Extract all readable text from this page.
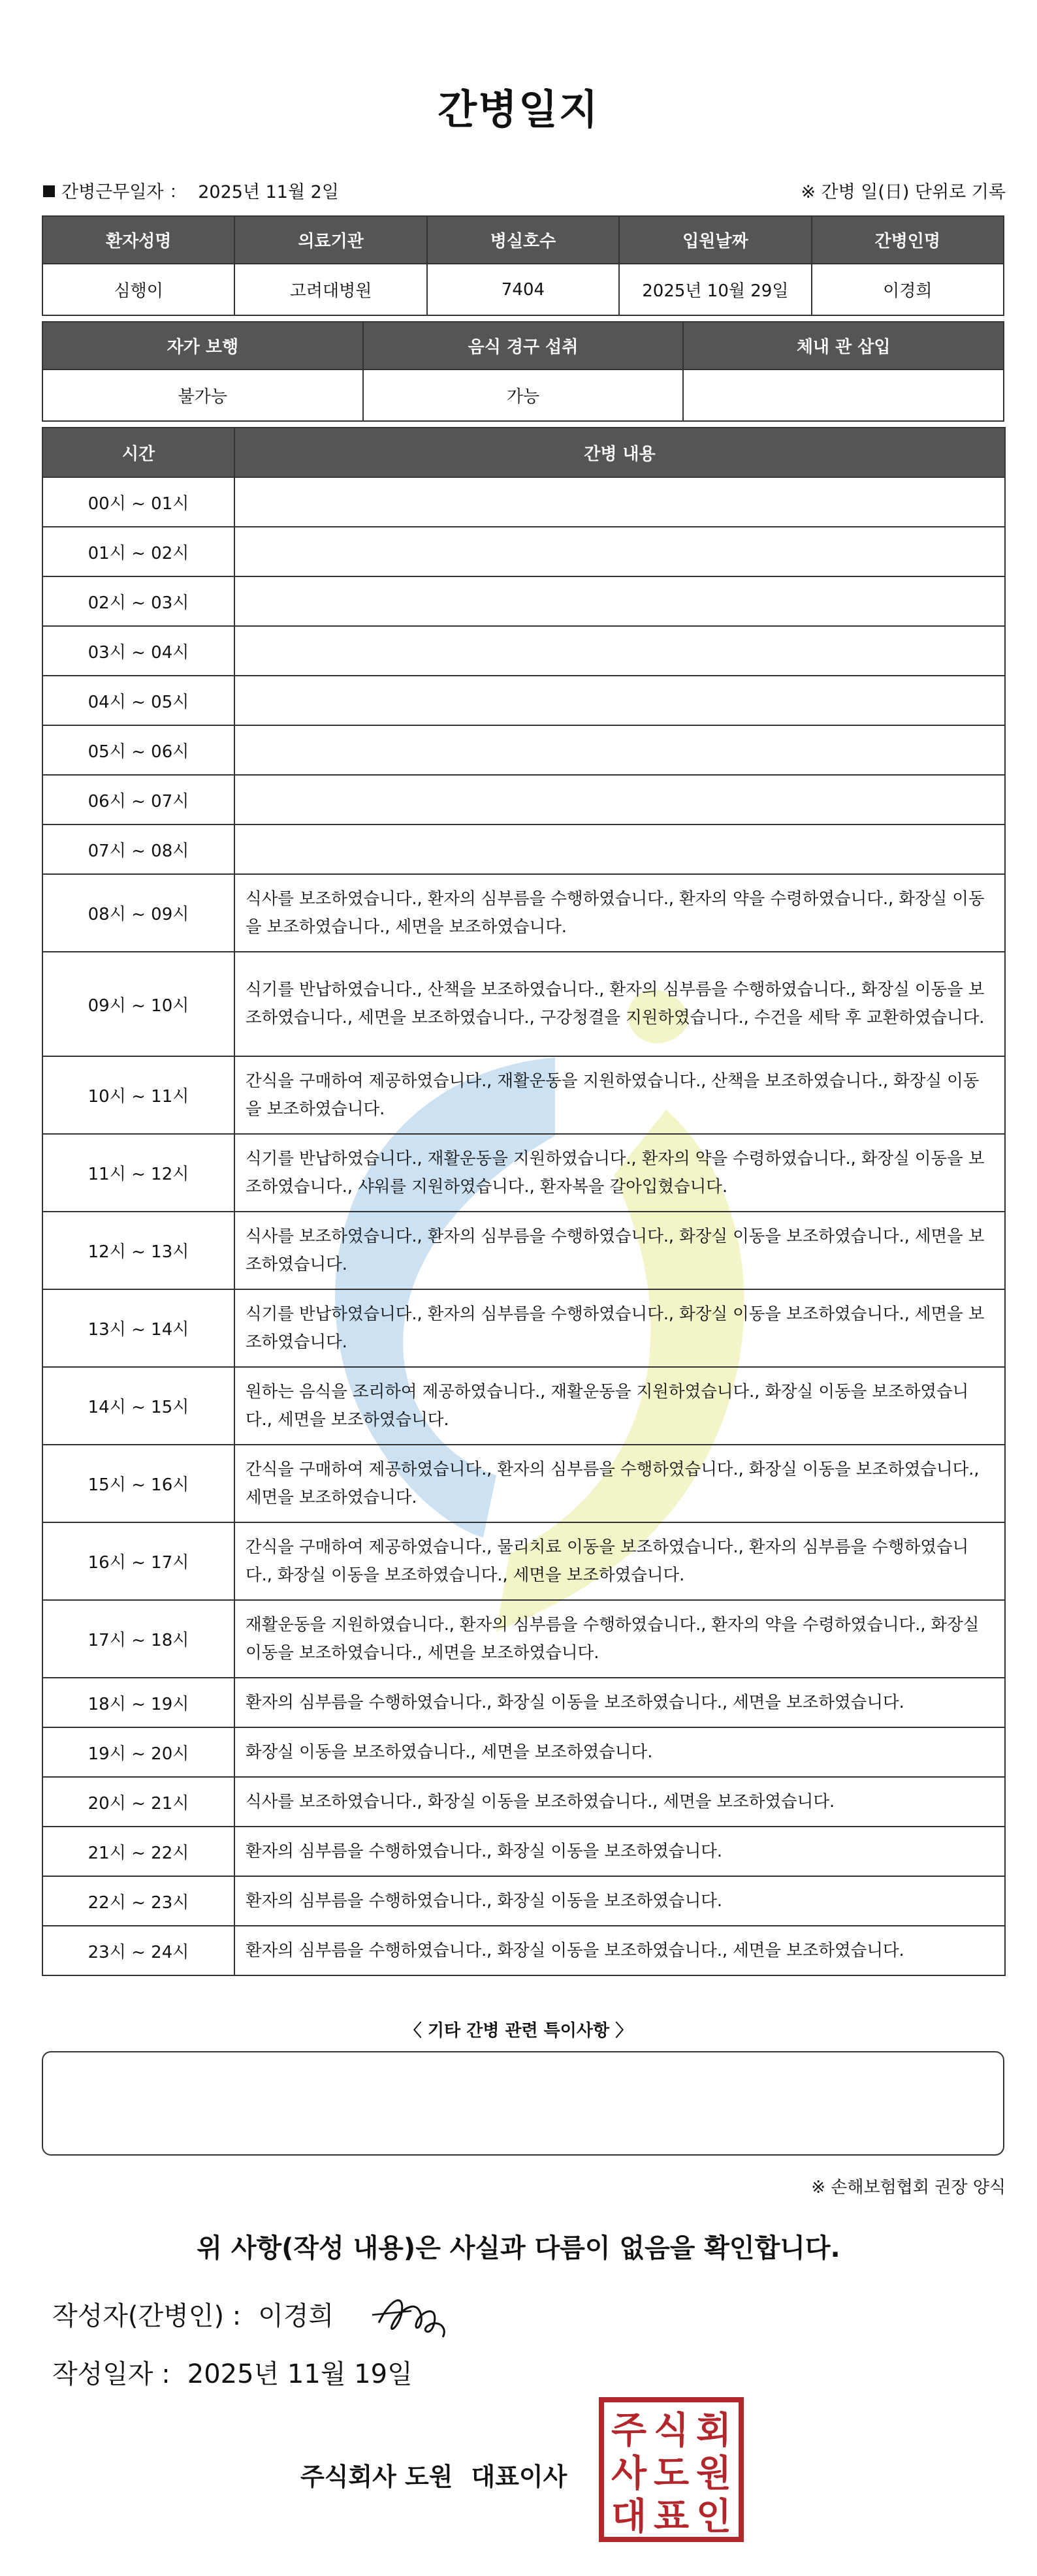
간병일지
간병근무일자 ： 2025년 11월 2일	※ 간병 일(日) 단위로 기록
환자성명	의료기관	병실호수	입원날짜	간병인명
심행이	고려대병원	7404	2025년 10월 29일	이경희
자가 보행	음식 경구 섭취	체내 관 삽입
불가능	가능	
시간	간병 내용
00시 ~ 01시	
01시 ~ 02시	
02시 ~ 03시	
03시 ~ 04시	
04시 ~ 05시	
05시 ~ 06시	
06시 ~ 07시	
07시 ~ 08시	
08시 ~ 09시	식사를 보조하였습니다., 환자의 심부름을 수행하였습니다., 환자의 약을 수령하였습니다., 화장실 이동을 보조하였습니다., 세면을 보조하였습니다.
09시 ~ 10시	식기를 반납하였습니다., 산책을 보조하였습니다., 환자의 심부름을 수행하였습니다., 화장실 이동을 보조하였습니다., 세면을 보조하였습니다., 구강청결을 지원하였습니다., 수건을 세탁 후 교환하였습니다.
10시 ~ 11시	간식을 구매하여 제공하였습니다., 재활운동을 지원하였습니다., 산책을 보조하였습니다., 화장실 이동을 보조하였습니다.
11시 ~ 12시	식기를 반납하였습니다., 재활운동을 지원하였습니다., 환자의 약을 수령하였습니다., 화장실 이동을 보조하였습니다., 샤워를 지원하였습니다., 환자복을 갈아입혔습니다.
12시 ~ 13시	식사를 보조하였습니다., 환자의 심부름을 수행하였습니다., 화장실 이동을 보조하였습니다., 세면을 보조하였습니다.
13시 ~ 14시	식기를 반납하였습니다., 환자의 심부름을 수행하였습니다., 화장실 이동을 보조하였습니다., 세면을 보조하였습니다.
14시 ~ 15시	원하는 음식을 조리하여 제공하였습니다., 재활운동을 지원하였습니다., 화장실 이동을 보조하였습니다., 세면을 보조하였습니다.
15시 ~ 16시	간식을 구매하여 제공하였습니다., 환자의 심부름을 수행하였습니다., 화장실 이동을 보조하였습니다., 세면을 보조하였습니다.
16시 ~ 17시	간식을 구매하여 제공하였습니다., 물리치료 이동을 보조하였습니다., 환자의 심부름을 수행하였습니다., 화장실 이동을 보조하였습니다., 세면을 보조하였습니다.
17시 ~ 18시	재활운동을 지원하였습니다., 환자의 심부름을 수행하였습니다., 환자의 약을 수령하였습니다., 화장실 이동을 보조하였습니다., 세면을 보조하였습니다.
18시 ~ 19시	환자의 심부름을 수행하였습니다., 화장실 이동을 보조하였습니다., 세면을 보조하였습니다.
19시 ~ 20시	화장실 이동을 보조하였습니다., 세면을 보조하였습니다.
20시 ~ 21시	식사를 보조하였습니다., 화장실 이동을 보조하였습니다., 세면을 보조하였습니다.
21시 ~ 22시	환자의 심부름을 수행하였습니다., 화장실 이동을 보조하였습니다.
22시 ~ 23시	환자의 심부름을 수행하였습니다., 화장실 이동을 보조하였습니다.
23시 ~ 24시	환자의 심부름을 수행하였습니다., 화장실 이동을 보조하였습니다., 세면을 보조하였습니다.
〈 기타 간병 관련 특이사항 〉
※ 손해보험협회 권장 양식
위 사항(작성 내용)은 사실과 다름이 없음을 확인합니다.
작성자(간병인) : 이경희
작성일자 : 2025년 11월 19일
주식회사 도원 대표이사
주 식 회
사 도 원
대 표 인
